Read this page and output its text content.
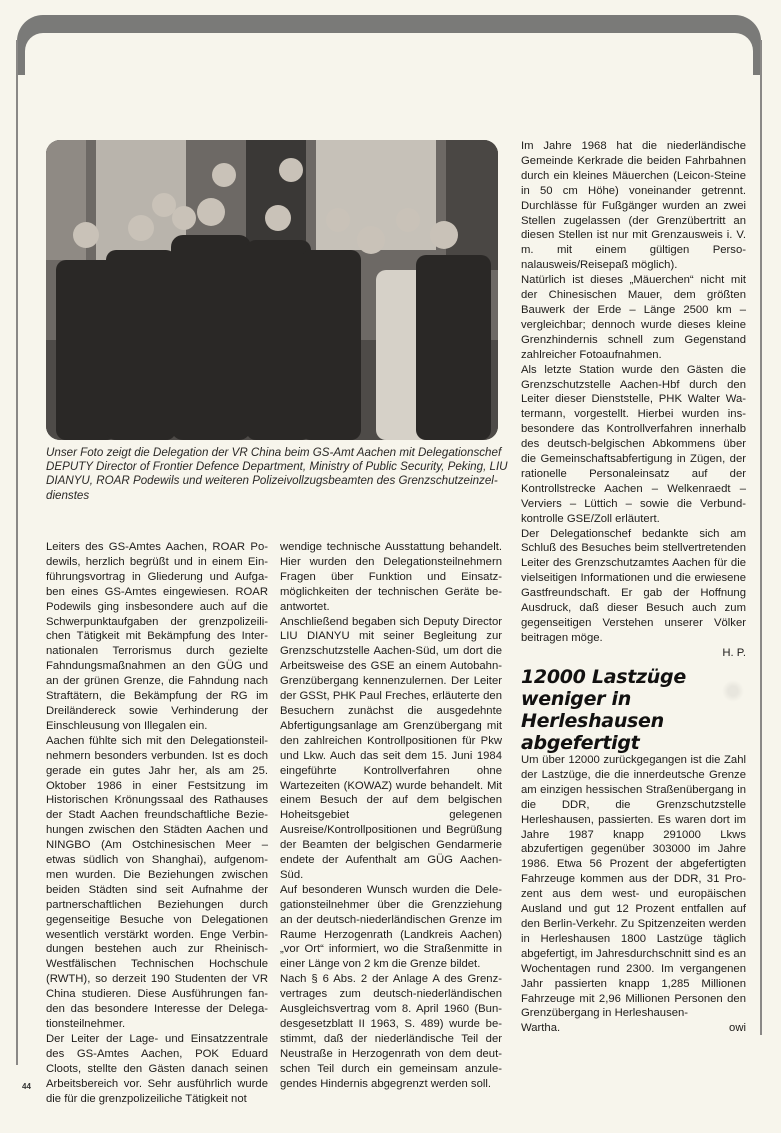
Unser Foto zeigt die Delegation der VR China beim GS-Amt Aachen mit Delegationschef DEPUTY Director of Frontier Defence Department, Ministry of Public Security, Peking, LIU DIANYU, ROAR Podewils und weiteren Polizeivollzugsbeamten des Grenzschutzeinzeldienstes

Leiters des GS-Amtes Aachen, ROAR Podewils, herzlich begrüßt und in einem Einführungsvortrag in Gliederung und Aufgaben eines GS-Amtes eingewiesen. ROAR Podewils ging insbesondere auch auf die Schwerpunktaufgaben der grenzpolizeilichen Tätigkeit mit Bekämpfung des Internationalen Terrorismus durch gezielte Fahndungsmaßnahmen an den GÜG und an der grünen Grenze, die Fahndung nach Straftätern, die Bekämpfung der RG im Dreiländereck sowie Verhinderung der Einschleusung von Illegalen ein.

Aachen fühlte sich mit den Delegationsteilnehmern besonders verbunden. Ist es doch gerade ein gutes Jahr her, als am 25. Oktober 1986 in einer Festsitzung im Historischen Krönungssaal des Rathauses der Stadt Aachen freundschaftliche Beziehungen zwischen den Städten Aachen und NINGBO (Am Ostchinesischen Meer – etwas südlich von Shanghai), aufgenommen wurden. Die Beziehungen zwischen beiden Städten sind seit Aufnahme der partnerschaftlichen Beziehungen durch gegenseitige Besuche von Delegationen wesentlich verstärkt worden. Enge Verbindungen bestehen auch zur Rheinisch-Westfälischen Technischen Hochschule (RWTH), so derzeit 190 Studenten der VR China studieren. Diese Ausführungen fanden das besondere Interesse der Delegationsteilnehmer.

Der Leiter der Lage- und Einsatzzentrale des GS-Amtes Aachen, POK Eduard Cloots, stellte den Gästen danach seinen Arbeitsbereich vor. Sehr ausführlich wurde die für die grenzpolizeiliche Tätigkeit not

wendige technische Ausstattung behandelt. Hier wurden den Delegationsteilnehmern Fragen über Funktion und Einsatzmöglichkeiten der technischen Geräte beantwortet.

Anschließend begaben sich Deputy Director LIU DIANYU mit seiner Begleitung zur Grenzschutzstelle Aachen-Süd, um dort die Arbeitsweise des GSE an einem Autobahn-Grenzübergang kennenzulernen. Der Leiter der GSSt, PHK Paul Freches, erläuterte den Besuchern zunächst die ausgedehnte Abfertigungsanlage am Grenzübergang mit den zahlreichen Kontrollpositionen für Pkw und Lkw. Auch das seit dem 15. Juni 1984 eingeführte Kontrollverfahren ohne Wartezeiten (KOWAZ) wurde behandelt. Mit einem Besuch der auf dem belgischen Hoheitsgebiet gelegenen Ausreise/Kontrollpositionen und Begrüßung der Beamten der belgischen Gendarmerie endete der Aufenthalt am GÜG Aachen-Süd.

Auf besonderen Wunsch wurden die Delegationsteilnehmer über die Grenzziehung an der deutsch-niederländischen Grenze im Raume Herzogenrath (Landkreis Aachen) „vor Ort“ informiert, wo die Straßenmitte in einer Länge von 2 km die Grenze bildet.

Nach § 6 Abs. 2 der Anlage A des Grenzvertrages zum deutsch-niederländischen Ausgleichsvertrag vom 8. April 1960 (Bundesgesetzblatt II 1963, S. 489) wurde bestimmt, daß der niederländische Teil der Neustraße in Herzogenrath von dem deutschen Teil durch ein gemeinsam anzulegendes Hindernis abgegrenzt werden soll.

Im Jahre 1968 hat die niederländische Gemeinde Kerkrade die beiden Fahrbahnen durch ein kleines Mäuerchen (Leicon-Steine in 50 cm Höhe) voneinander getrennt. Durchlässe für Fußgänger wurden an zwei Stellen zugelassen (der Grenzübertritt an diesen Stellen ist nur mit Grenzausweis i. V. m. mit einem gültigen Personalausweis/Reisepaß möglich).

Natürlich ist dieses „Mäuerchen“ nicht mit der Chinesischen Mauer, dem größten Bauwerk der Erde – Länge 2500 km – vergleichbar; dennoch wurde dieses kleine Grenzhindernis schnell zum Gegenstand zahlreicher Fotoaufnahmen.

Als letzte Station wurde den Gästen die Grenzschutzstelle Aachen-Hbf durch den Leiter dieser Dienststelle, PHK Walter Watermann, vorgestellt. Hierbei wurden insbesondere das Kontrollverfahren innerhalb des deutsch-belgischen Abkommens über die Gemeinschaftsabfertigung in Zügen, der rationelle Personaleinsatz auf der Kontrollstrecke Aachen – Welkenraedt – Verviers – Lüttich – sowie die Verbundkontrolle GSE/Zoll erläutert.

Der Delegationschef bedankte sich am Schluß des Besuches beim stellvertretenden Leiter des Grenzschutzamtes Aachen für die vielseitigen Informationen und die erwiesene Gastfreundschaft. Er gab der Hoffnung Ausdruck, daß dieser Besuch auch zum gegenseitigen Verstehen unserer Völker beitragen möge.

H. P.

12000 Lastzüge weniger in Herleshausen abgefertigt

Um über 12000 zurückgegangen ist die Zahl der Lastzüge, die die innerdeutsche Grenze am einzigen hessischen Straßenübergang in die DDR, die Grenzschutzstelle Herleshausen, passierten. Es waren dort im Jahre 1987 knapp 291000 Lkws abzufertigen gegenüber 303000 im Jahre 1986. Etwa 56 Prozent der abgefertigten Fahrzeuge kommen aus der DDR, 31 Prozent aus dem west- und europäischen Ausland und gut 12 Prozent entfallen auf den Berlin-Verkehr. Zu Spitzenzeiten werden in Herleshausen 1800 Lastzüge täglich abgefertigt, im Jahresdurchschnitt sind es an Wochentagen rund 2300. Im vergangenen Jahr passierten knapp 1,285 Millionen Fahrzeuge mit 2,96 Millionen Personen den Grenzübergang in Herleshausen-

Wartha.	owi

44
